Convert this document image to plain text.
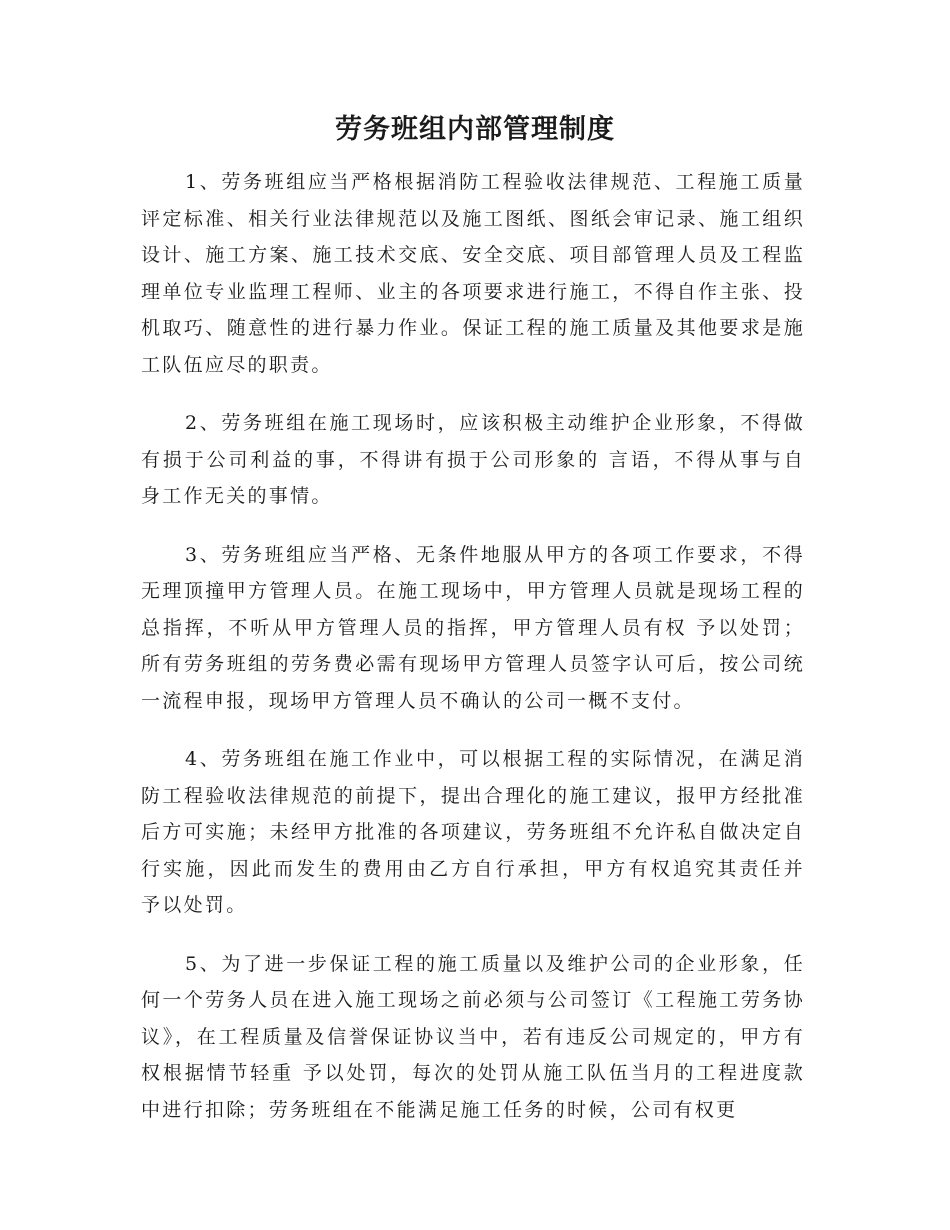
劳务班组内部管理制度

1、劳务班组应当严格根据消防工程验收法律规范、工程施工质量评定标准、相关行业法律规范以及施工图纸、图纸会审记录、施工组织设计、施工方案、施工技术交底、安全交底、项目部管理人员及工程监理单位专业监理工程师、业主的各项要求进行施工，不得自作主张、投机取巧、随意性的进行暴力作业。保证工程的施工质量及其他要求是施工队伍应尽的职责。

2、劳务班组在施工现场时，应该积极主动维护企业形象，不得做有损于公司利益的事，不得讲有损于公司形象的 言语，不得从事与自身工作无关的事情。

3、劳务班组应当严格、无条件地服从甲方的各项工作要求，不得无理顶撞甲方管理人员。在施工现场中，甲方管理人员就是现场工程的总指挥，不听从甲方管理人员的指挥，甲方管理人员有权 予以处罚；所有劳务班组的劳务费必需有现场甲方管理人员签字认可后，按公司统一流程申报，现场甲方管理人员不确认的公司一概不支付。

4、劳务班组在施工作业中，可以根据工程的实际情况，在满足消防工程验收法律规范的前提下，提出合理化的施工建议，报甲方经批准后方可实施；未经甲方批准的各项建议，劳务班组不允许私自做决定自行实施，因此而发生的费用由乙方自行承担，甲方有权追究其责任并 予以处罚。

5、为了进一步保证工程的施工质量以及维护公司的企业形象，任何一个劳务人员在进入施工现场之前必须与公司签订《工程施工劳务协议》，在工程质量及信誉保证协议当中，若有违反公司规定的，甲方有权根据情节轻重 予以处罚，每次的处罚从施工队伍当月的工程进度款中进行扣除；劳务班组在不能满足施工任务的时候，公司有权更
